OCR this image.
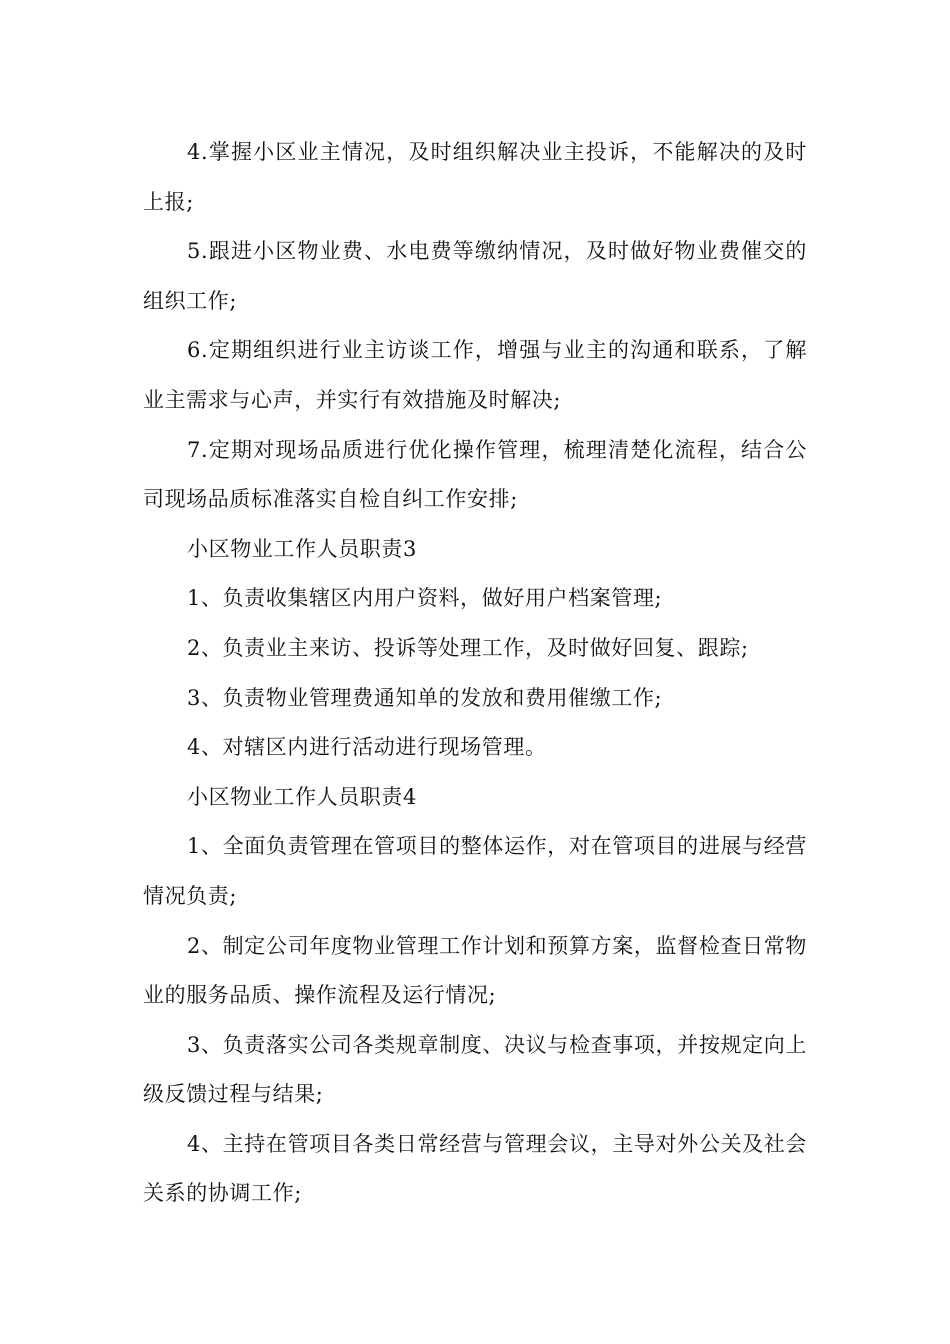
4.掌握小区业主情况，及时组织解决业主投诉，不能解决的及时上报;

5.跟进小区物业费、水电费等缴纳情况，及时做好物业费催交的组织工作;

6.定期组织进行业主访谈工作，增强与业主的沟通和联系，了解业主需求与心声，并实行有效措施及时解决;

7.定期对现场品质进行优化操作管理，梳理清楚化流程，结合公司现场品质标准落实自检自纠工作安排;

小区物业工作人员职责3

1、负责收集辖区内用户资料，做好用户档案管理;

2、负责业主来访、投诉等处理工作，及时做好回复、跟踪;

3、负责物业管理费通知单的发放和费用催缴工作;

4、对辖区内进行活动进行现场管理。

小区物业工作人员职责4

1、全面负责管理在管项目的整体运作，对在管项目的进展与经营情况负责;

2、制定公司年度物业管理工作计划和预算方案，监督检查日常物业的服务品质、操作流程及运行情况;

3、负责落实公司各类规章制度、决议与检查事项，并按规定向上级反馈过程与结果;

4、主持在管项目各类日常经营与管理会议，主导对外公关及社会关系的协调工作;
